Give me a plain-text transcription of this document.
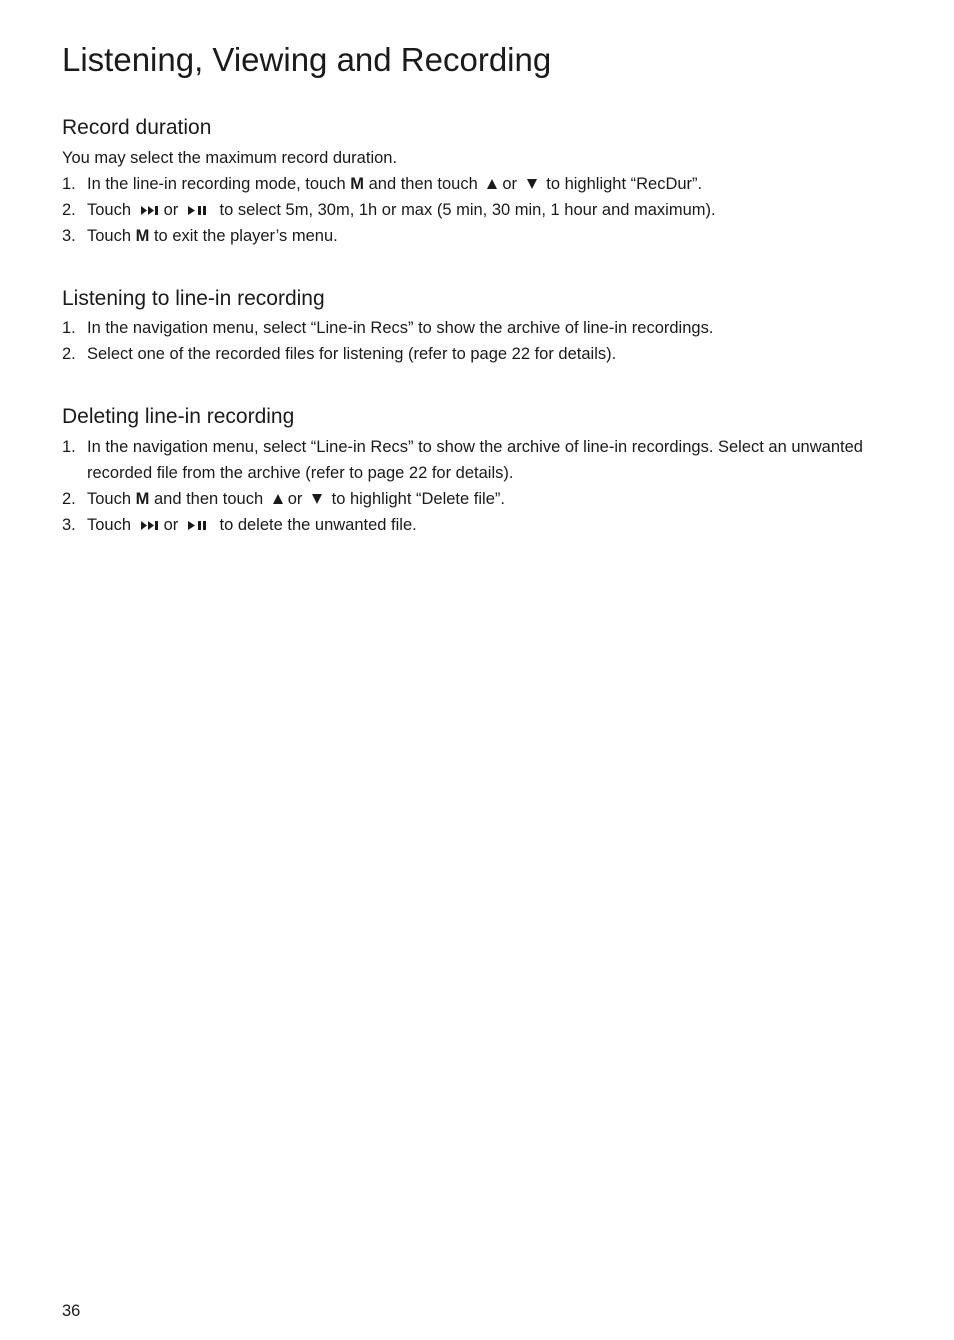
Listening, Viewing and Recording
Record duration

You may select the maximum record duration.

1. In the line-in recording mode, touch M and then touch or to highlight “RecDur”.
2. Touch or to select 5m, 30m, 1h or max (5 min, 30 min, 1 hour and maximum).
3. Touch M to exit the player’s menu.
Listening to line-in recording
1. In the navigation menu, select “Line-in Recs” to show the archive of line-in recordings.
2. Select one of the recorded files for listening (refer to page 22 for details).
Deleting line-in recording
1. In the navigation menu, select “Line-in Recs” to show the archive of line-in recordings. Select an unwanted recorded file from the archive (refer to page 22 for details).
2. Touch M and then touch or to highlight “Delete file”.
3. Touch or to delete the unwanted file.
36
